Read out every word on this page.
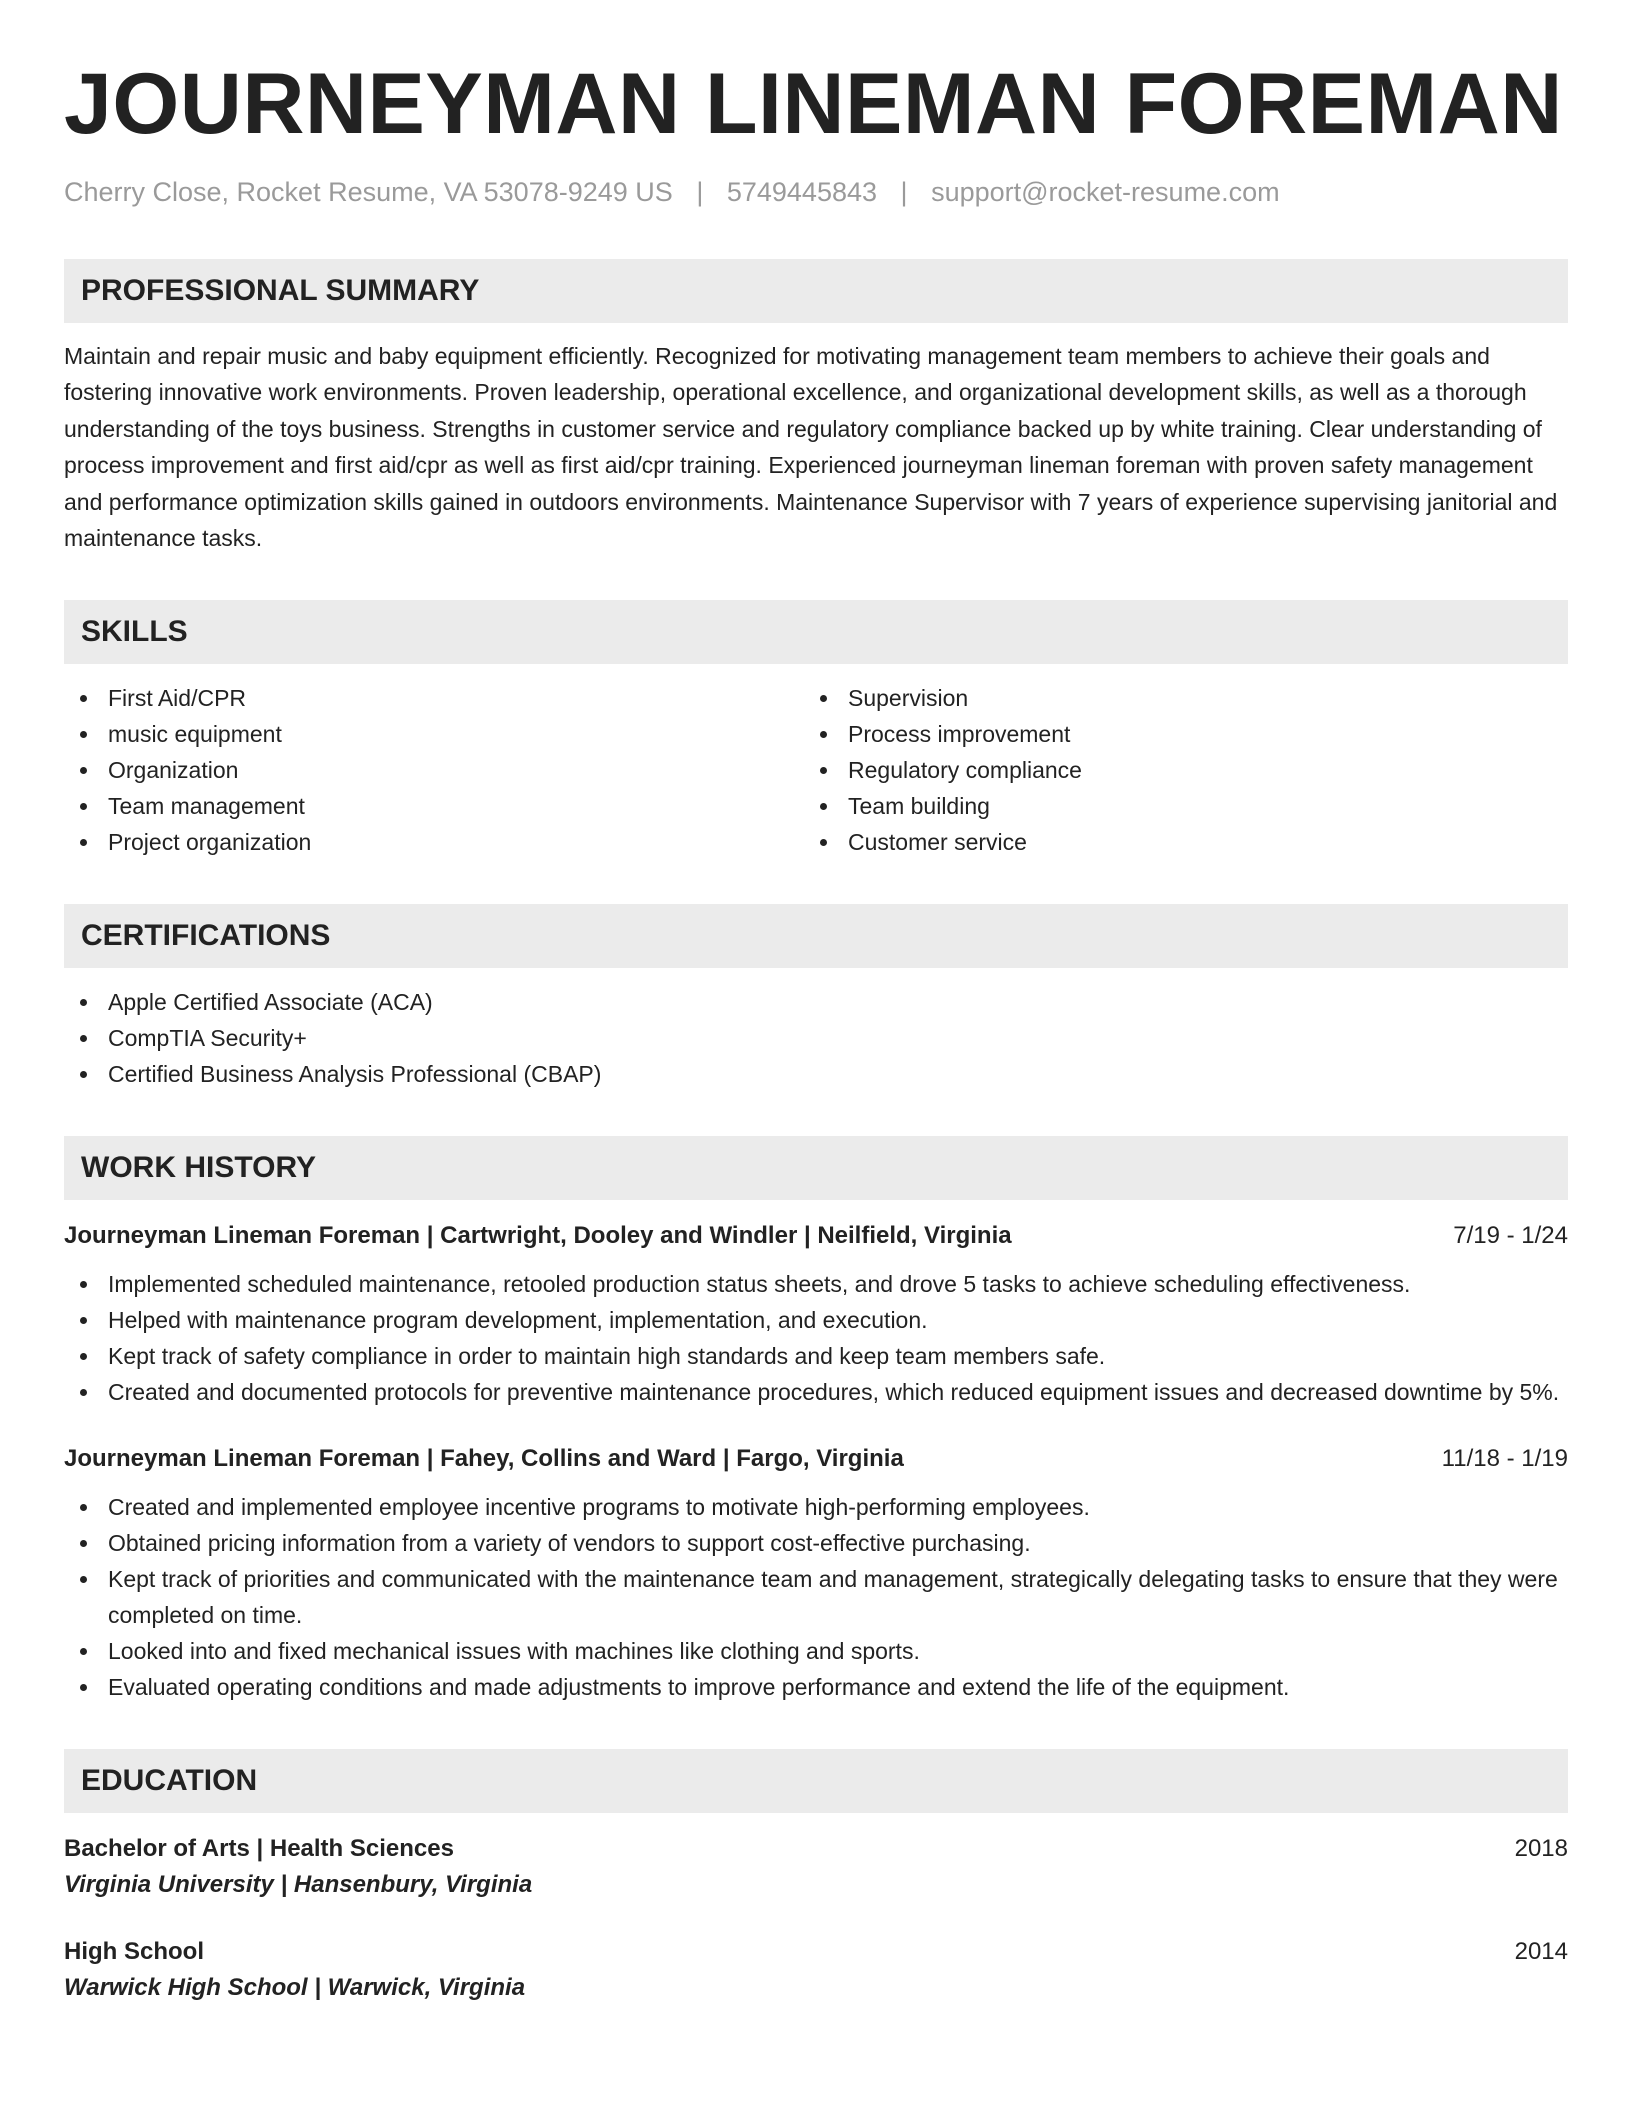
JOURNEYMAN LINEMAN FOREMAN
Cherry Close, Rocket Resume, VA 53078-9249 US | 5749445843 | support@rocket-resume.com
PROFESSIONAL SUMMARY
Maintain and repair music and baby equipment efficiently. Recognized for motivating management team members to achieve their goals and fostering innovative work environments. Proven leadership, operational excellence, and organizational development skills, as well as a thorough understanding of the toys business. Strengths in customer service and regulatory compliance backed up by white training. Clear understanding of process improvement and first aid/cpr as well as first aid/cpr training. Experienced journeyman lineman foreman with proven safety management and performance optimization skills gained in outdoors environments. Maintenance Supervisor with 7 years of experience supervising janitorial and maintenance tasks.
SKILLS
First Aid/CPR
music equipment
Organization
Team management
Project organization
Supervision
Process improvement
Regulatory compliance
Team building
Customer service
CERTIFICATIONS
Apple Certified Associate (ACA)
CompTIA Security+
Certified Business Analysis Professional (CBAP)
WORK HISTORY
Journeyman Lineman Foreman | Cartwright, Dooley and Windler | Neilfield, Virginia	7/19 - 1/24
Implemented scheduled maintenance, retooled production status sheets, and drove 5 tasks to achieve scheduling effectiveness.
Helped with maintenance program development, implementation, and execution.
Kept track of safety compliance in order to maintain high standards and keep team members safe.
Created and documented protocols for preventive maintenance procedures, which reduced equipment issues and decreased downtime by 5%.
Journeyman Lineman Foreman | Fahey, Collins and Ward | Fargo, Virginia	11/18 - 1/19
Created and implemented employee incentive programs to motivate high-performing employees.
Obtained pricing information from a variety of vendors to support cost-effective purchasing.
Kept track of priorities and communicated with the maintenance team and management, strategically delegating tasks to ensure that they were completed on time.
Looked into and fixed mechanical issues with machines like clothing and sports.
Evaluated operating conditions and made adjustments to improve performance and extend the life of the equipment.
EDUCATION
Bachelor of Arts | Health Sciences	2018
Virginia University | Hansenbury, Virginia
High School	2014
Warwick High School | Warwick, Virginia
